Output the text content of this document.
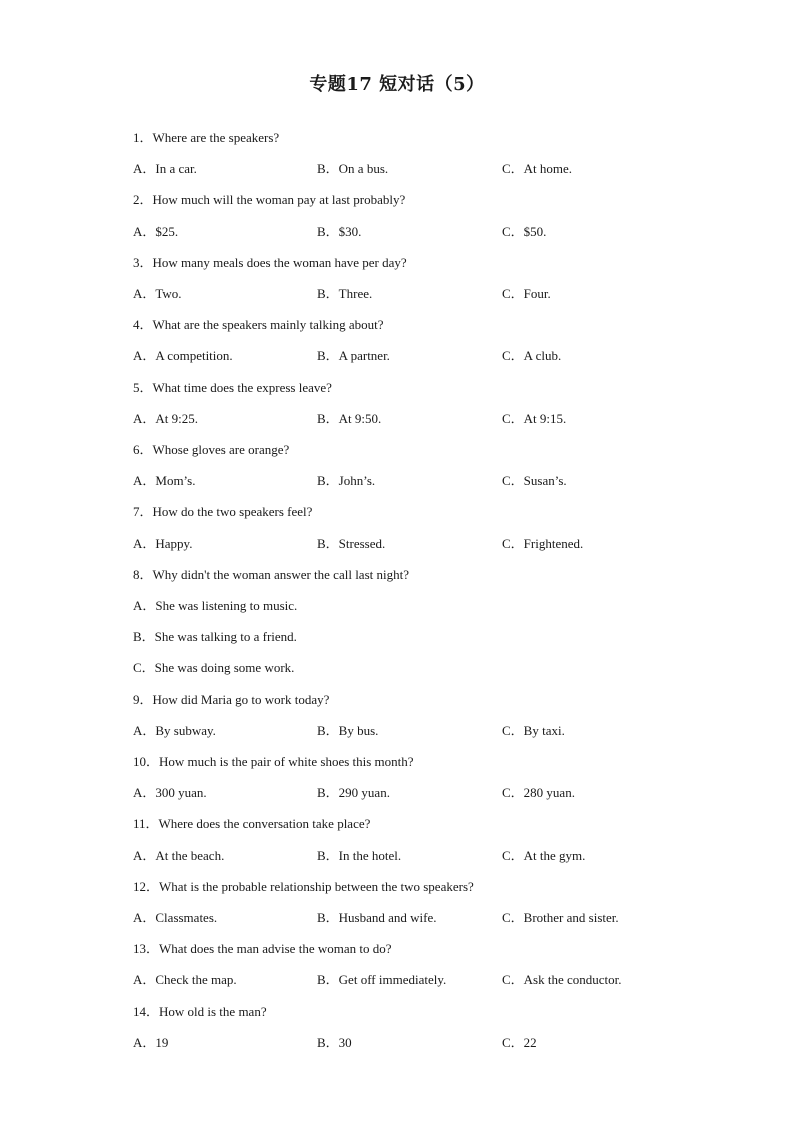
专题17 短对话（5）
1．Where are the speakers?
A．In a car.	B．On a bus.	C．At home.
2．How much will the woman pay at last probably?
A．$25.	B．$30.	C．$50.
3．How many meals does the woman have per day?
A．Two.	B．Three.	C．Four.
4．What are the speakers mainly talking about?
A．A competition.	B．A partner.	C．A club.
5．What time does the express leave?
A．At 9:25.	B．At 9:50.	C．At 9:15.
6．Whose gloves are orange?
A．Mom’s.	B．John’s.	C．Susan’s.
7．How do the two speakers feel?
A．Happy.	B．Stressed.	C．Frightened.
8．Why didn't the woman answer the call last night?
A．She was listening to music.
B．She was talking to a friend.
C．She was doing some work.
9．How did Maria go to work today?
A．By subway.	B．By bus.	C．By taxi.
10．How much is the pair of white shoes this month?
A．300 yuan.	B．290 yuan.	C．280 yuan.
11．Where does the conversation take place?
A．At the beach.	B．In the hotel.	C．At the gym.
12．What is the probable relationship between the two speakers?
A．Classmates.	B．Husband and wife.	C．Brother and sister.
13．What does the man advise the woman to do?
A．Check the map.	B．Get off immediately.	C．Ask the conductor.
14．How old is the man?
A．19	B．30	C．22
